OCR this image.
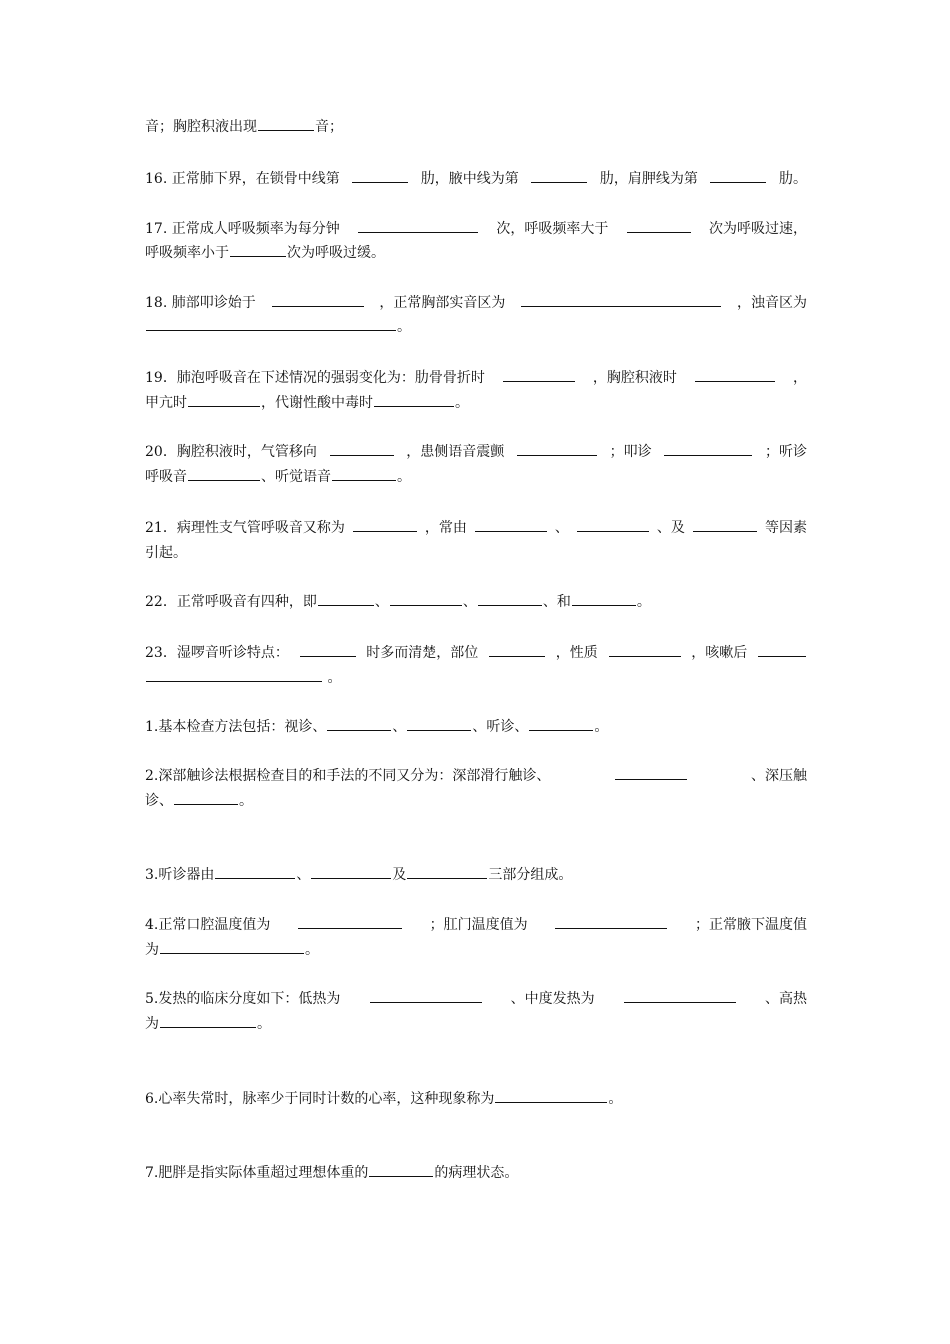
音；胸腔积液出现	音；
16. 正常肺下界，在锁骨中线第	肋，腋中线为第	肋，肩胛线为第	肋。
17. 正常成人呼吸频率为每分钟	次，呼吸频率大于	次为呼吸过速，
呼吸频率小于	次为呼吸过缓。
18. 肺部叩诊始于	，正常胸部实音区为	，浊音区为
。
19．肺泡呼吸音在下述情况的强弱变化为：肋骨骨折时	，胸腔积液时	，
甲亢时	，代谢性酸中毒时	。
20．胸腔积液时，气管移向	，患侧语音震颤	；叩诊	；听诊
呼吸音	、听觉语音	。
21．病理性支气管呼吸音又称为	，常由	、	、及	等因素
引起。
22．正常呼吸音有四种，即	、	、	、和	。
23．湿啰音听诊特点：	时多而清楚，部位	，性质	，咳嗽后
。
1.基本检查方法包括：视诊、	、	、听诊、	。
2.深部触诊法根据检查目的和手法的不同又分为：深部滑行触诊、	、深压触
诊、	。
3.听诊器由	、	及	三部分组成。
4.正常口腔温度值为	；肛门温度值为	；正常腋下温度值
为	。
5.发热的临床分度如下：低热为	、中度发热为	、高热
为	。
6.心率失常时，脉率少于同时计数的心率，这种现象称为	。
7.肥胖是指实际体重超过理想体重的	的病理状态。
